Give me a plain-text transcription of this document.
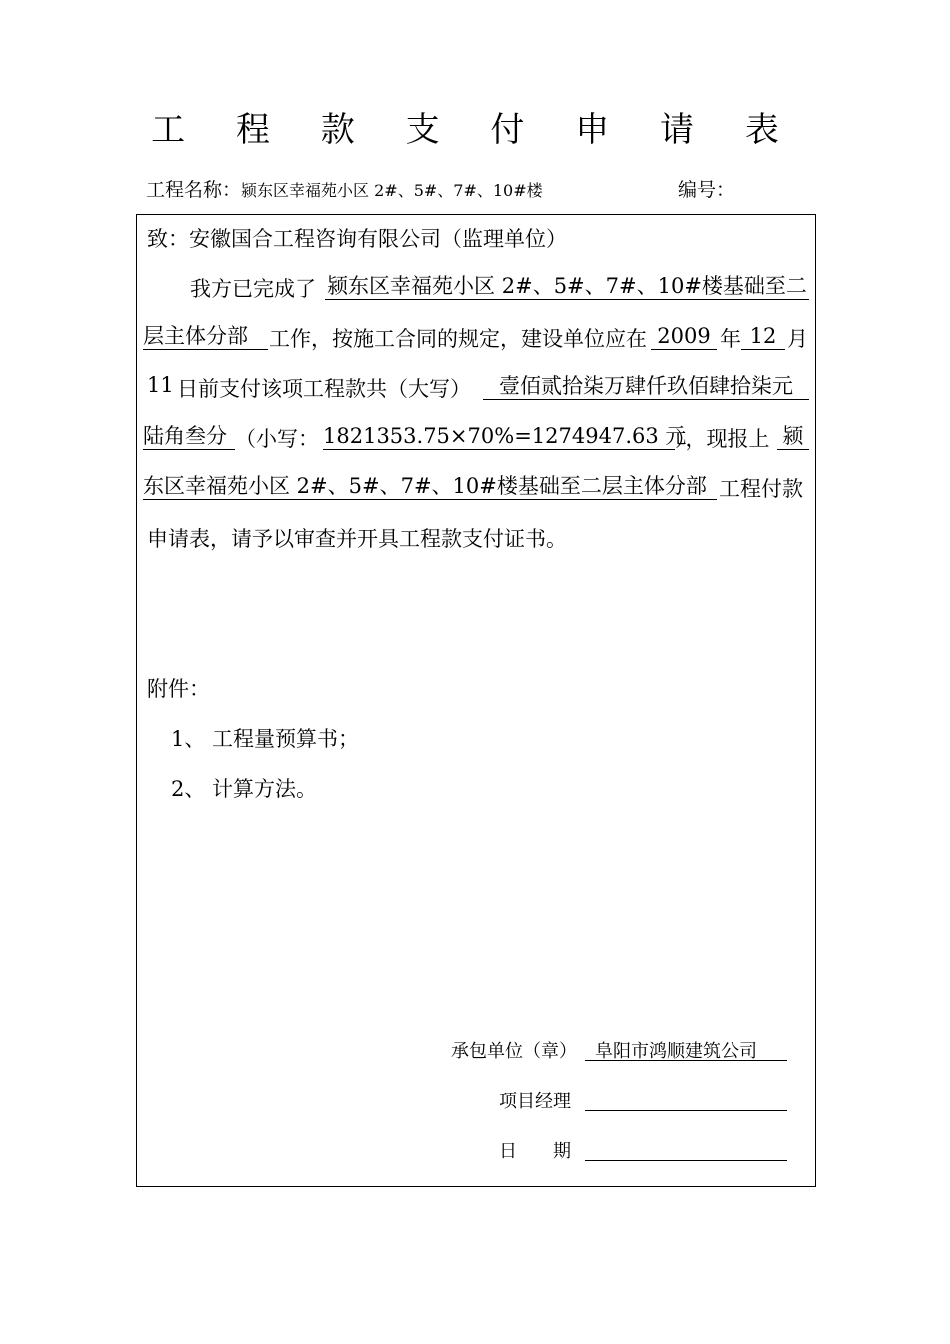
工 程 款 支 付 申 请 表
工程名称：颍东区幸福苑小区 2#、5#、7#、10#楼	编号：
致：安徽国合工程咨询有限公司（监理单位）
我方已完成了 颍东区幸福苑小区 2#、5#、7#、10#楼基础至二
层主体分部	工作，按施工合同的规定，建设单位应在 2009 年 12 月
11 日前支付该项工程款共（大写）	壹佰贰拾柒万肆仟玖佰肆拾柒元
陆角叁分 （小写： 1821353.75×70%=1274947.63 元
），现报上 颍
东区幸福苑小区 2#、5#、7#、10#楼基础至二层主体分部 工程付款
申请表，请予以审查并开具工程款支付证书。
附件：
1、 工程量预算书；
2、 计算方法。
承包单位（章）	阜阳市鸿顺建筑公司
项目经理
日　　期
